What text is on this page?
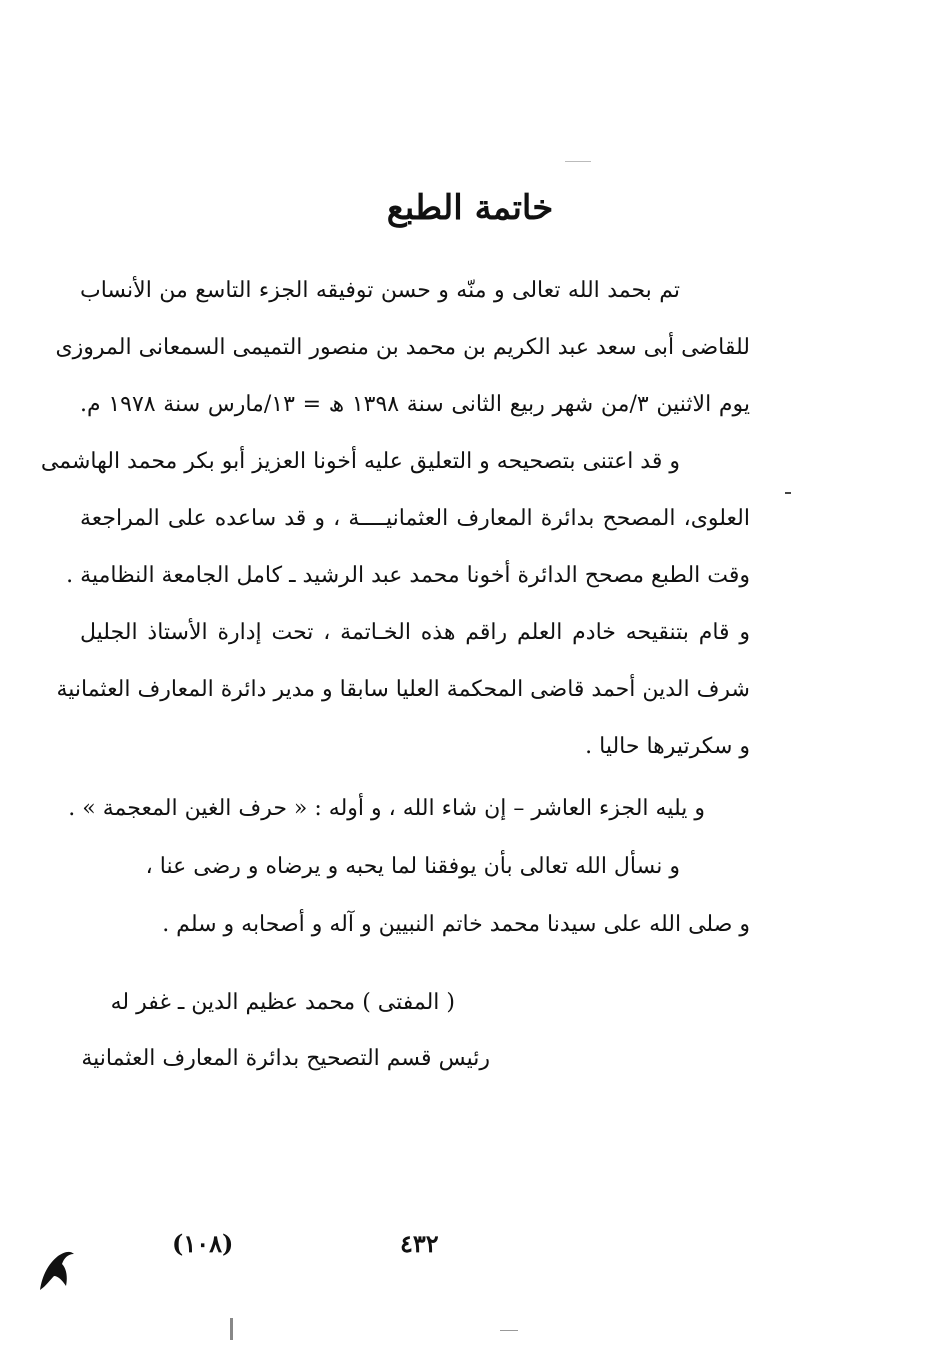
خاتمة الطبع
تم بحمد الله تعالى و منّه و حسن توفيقه الجزء التاسع من الأنساب
للقاضى أبى سعد عبد الكريم بن محمد بن منصور التميمى السمعانى المروزى
يوم الاثنين ٣/من شهر ربيع الثانى سنة ١٣٩٨ ھ = ١٣/مارس سنة ١٩٧٨ م.
و قد اعتنى بتصحيحه و التعليق عليه أخونا العزيز أبو بكر محمد الهاشمى
العلوى، المصحح بدائرة المعارف العثمانيــــة ، و قد ساعده على المراجعة
وقت الطبع مصحح الدائرة أخونا محمد عبد الرشيد ـ كامل الجامعة النظامية .
و قام بتنقيحه خادم العلم راقم هذه الخـاتمة ، تحت إدارة الأستاذ الجليل
شرف الدين أحمد قاضى المحكمة العليا سابقا و مدير دائرة المعارف العثمانية
و سكرتيرها حاليا .
و يليه الجزء العاشر – إن شاء الله ، و أوله : « حرف الغين المعجمة » .
و نسأل الله تعالى بأن يوفقنا لما يحبه و يرضاه و رضى عنا ،
و صلى الله على سيدنا محمد خاتم النبيين و آله و أصحابه و سلم .
( المفتى ) محمد عظيم الدين ـ غفر له
رئيس قسم التصحيح بدائرة المعارف العثمانية
(١٠٨)	٤٣٢
